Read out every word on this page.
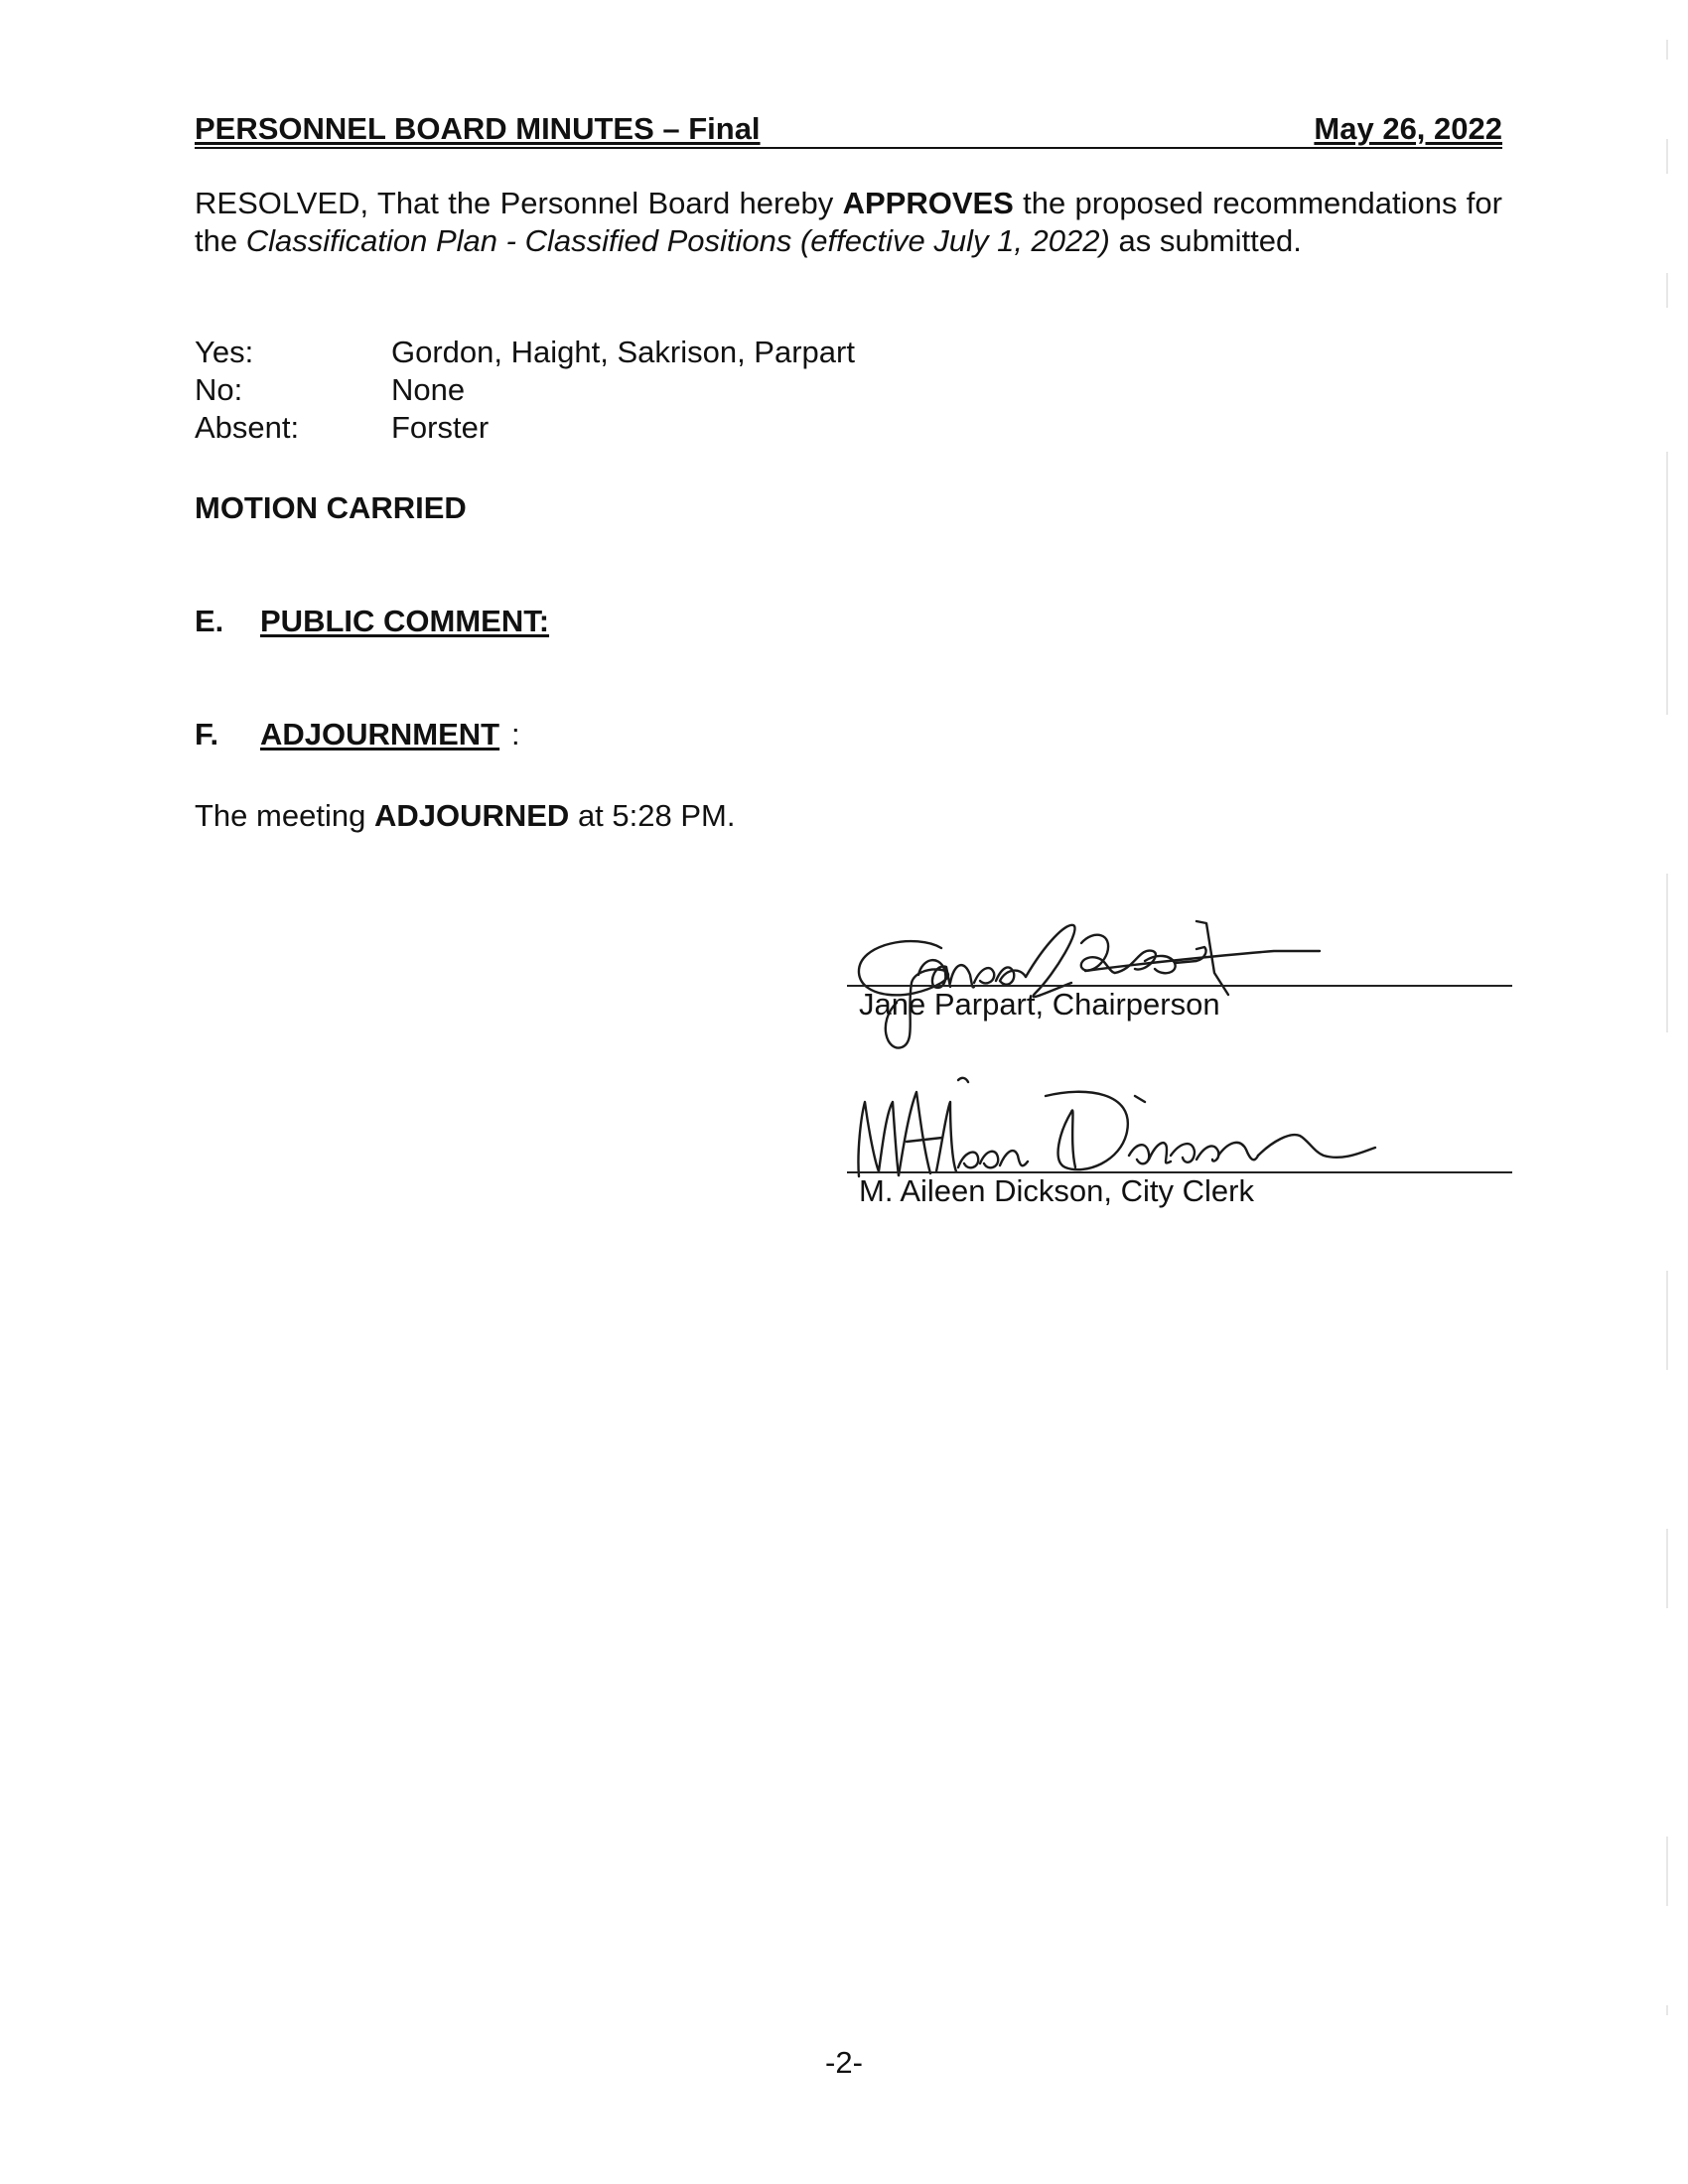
PERSONNEL BOARD MINUTES – Final	May 26, 2022
RESOLVED, That the Personnel Board hereby APPROVES the proposed recommendations for the Classification Plan - Classified Positions (effective July 1, 2022) as submitted.
Yes:	Gordon, Haight, Sakrison, Parpart
No:	None
Absent:	Forster
MOTION CARRIED
E. PUBLIC COMMENT:
F. ADJOURNMENT :
The meeting ADJOURNED at 5:28 PM.
Jane Parpart, Chairperson
M. Aileen Dickson, City Clerk
-2-
